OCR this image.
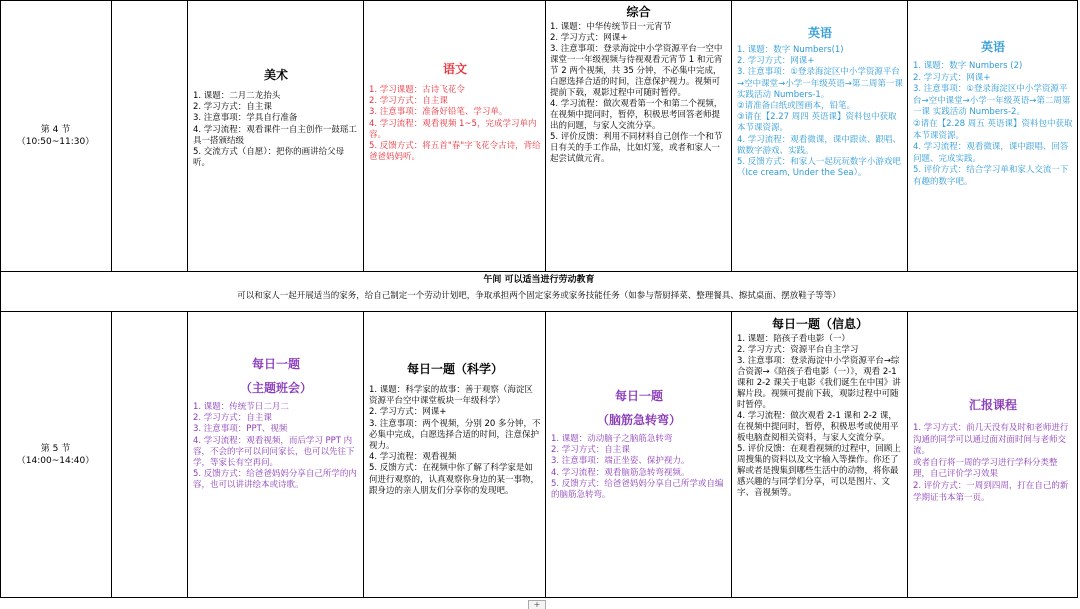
第 4 节
（10:50~11:30）
美术
1. 课题：二月二龙抬头
2. 学习方式：自主课
3. 注意事项：学具自行准备
4. 学习流程：观看课件一自主创作一鼓瑶工具一搭颁结级
5. 交流方式（自愿）：把你的画讲给父母听。
语文
1. 学习课题：古诗飞花令
2. 学习方式：自主课
3. 注意事项：准备好铅笔、学习单。
4. 学习流程：观看视频 1~5，完成学习单内容。
5. 反馈方式：将五首"春"字飞花令古诗，背给爸爸妈妈听。
综合
1. 课题：中华传统节日一元宵节
2. 学习方式：网课+
3. 注意事项：登录海淀中小学资源平台一空中课堂一一年级视频与待视观看元宵节 1 和元宵节 2 两个视频，共 35 分钟，不必集中完成，白愿选择合适的时间，注意保护视力。视频可提前下载，观影过程中可随时暂停。
4. 学习流程：做次观看第一个和第二个视频，在视频中提问时，暂停，积极思考回答老师提出的问题，与家人交流分享。
5. 评价反馈：利用不同材料自己创作一个和节日有关的手工作品，比如灯笼，或者和家人一起尝试做元宵。
英语
1. 课题：数字 Numbers(1)
2. 学习方式：网课+
3. 注意事项：①登录海淀区中小学资源平台→空中课堂→小学一年级英语→第二周第一课 实践活动 Numbers-1。
②请准备白纸或图画本，铅笔。
③请在【2.27 周四 英语课】资料包中获取本节课资源。
4. 学习流程：观看微课，课中跟读、跟唱、做数字游戏、实践。
5. 反馈方式：和家人一起玩玩数字小游戏吧（Ice cream, Under the Sea）。
英语
1. 课题：数字 Numbers (2)
2. 学习方式：网课+
3. 注意事项：①登录海淀区中小学资源平台→空中课堂→小学一年级英语→第二周第一课 实践活动 Numbers-2。
②请在【2.28 周五 英语课】资料包中获取本节课资源。
4. 学习流程：观看微课，课中跟唱、回答问题、完成实践。
5. 评价方式：结合学习单和家人交流一下有趣的数字吧。
午间 可以适当进行劳动教育
可以和家人一起开展适当的家务，给自己制定一个劳动计划吧，争取承担两个固定家务或家务技能任务（如参与帮厨择菜、整理餐具、擦拭桌面、摆放鞋子等等）
第 5 节
（14:00~14:40）
每日一题

（主题班会）
1. 课题：传统节日二月二
2. 学习方式：自主课
3. 注意事项：PPT、视频
4. 学习流程：观看视频，而后学习 PPT 内容，不会的字可以问问家长，也可以先往下学，等家长有空再问。
5. 反馈方式：给爸爸妈妈分享自己所学的内容，也可以讲讲绘本或诗歌。
每日一题（科学）
1. 课题：科学家的故事：善于观察（海淀区资源平台空中课堂板块一年级科学）
2. 学习方式：网课+
3. 注意事项：两个视频，分别 20 多分钟，不必集中完成，白愿选择合适的时间，注意保护视力。
4. 学习流程：观看视频
5. 反馈方式：在视频中你了解了科学家是如何进行观察的，认真观察你身边的某一事物，跟身边的亲人朋友们分享你的发现吧。
每日一题

（脑筋急转弯）
1. 课题：动动脑子之脑筋急转弯
2. 学习方式：自主课
3. 注意事项：端正坐姿、保护视力。
4. 学习流程：观看脑筋急转弯视频。
5. 反馈方式：给爸爸妈妈分享自己所学或自编的脑筋急转弯。
每日一题（信息）
1. 课题：陪孩子看电影（一）
2. 学习方式：资源平台自主学习
3. 注意事项：登录海淀中小学资源平台→综合资源→《陪孩子看电影（一）》，观看 2-1 课和 2-2 课关于电影《我们诞生在中国》讲解片段。视频可提前下载，观影过程中可随时暂停。
4. 学习流程：做次观看 2-1 课和 2-2 课，在视频中提问时，暂停，积极思考或使用平板电脑查阅相关资料，与家人交流分享。
5. 评价反馈：在观看视频的过程中，回顾上周搜集的资料以及文字输入等操作。你还了解或者是搜集到哪些生活中的动物，将你最感兴趣的与同学们分享，可以是图片、文字、音视频等。
汇报课程
1. 学习方式：前几天没有及时和老师进行沟通的同学可以通过面对面时间与老师交流。
或者自行将一周的学习进行学科分类整理，自己评价学习效果
2. 评价方式：一周到四周，打在自己的新学期证书本第一页。
+
